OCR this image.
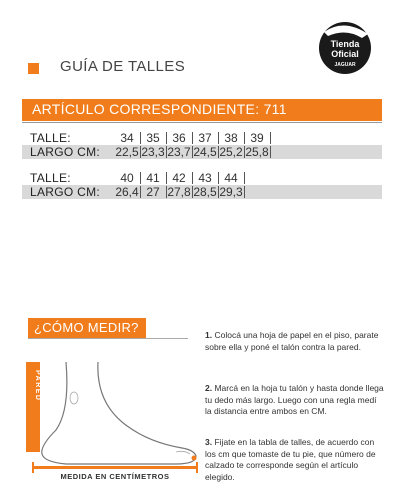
GUÍA DE TALLES
Tienda
Oficial
JAGUAR
ARTÍCULO CORRESPONDIENTE: 711
TALLE:	34	35	36	37	38	39
LARGO CM: 22,5 23,3 23,7 24,5 25,2 25,8
TALLE:	40	41	42	43	44
LARGO CM: 26,4 27 27,8 28,5 29,3
¿CÓMO MEDIR?
PARED
MEDIDA EN CENTÍMETROS
1. Colocá una hoja de papel en el piso, parate sobre ella y poné el talón contra la pared.
2. Marcá en la hoja tu talón y hasta donde llega tu dedo más largo. Luego con una regla medí la distancia entre ambos en CM.
3. Fijate en la tabla de talles, de acuerdo con los cm que tomaste de tu pie, que número de calzado te corresponde según el artículo elegido.
